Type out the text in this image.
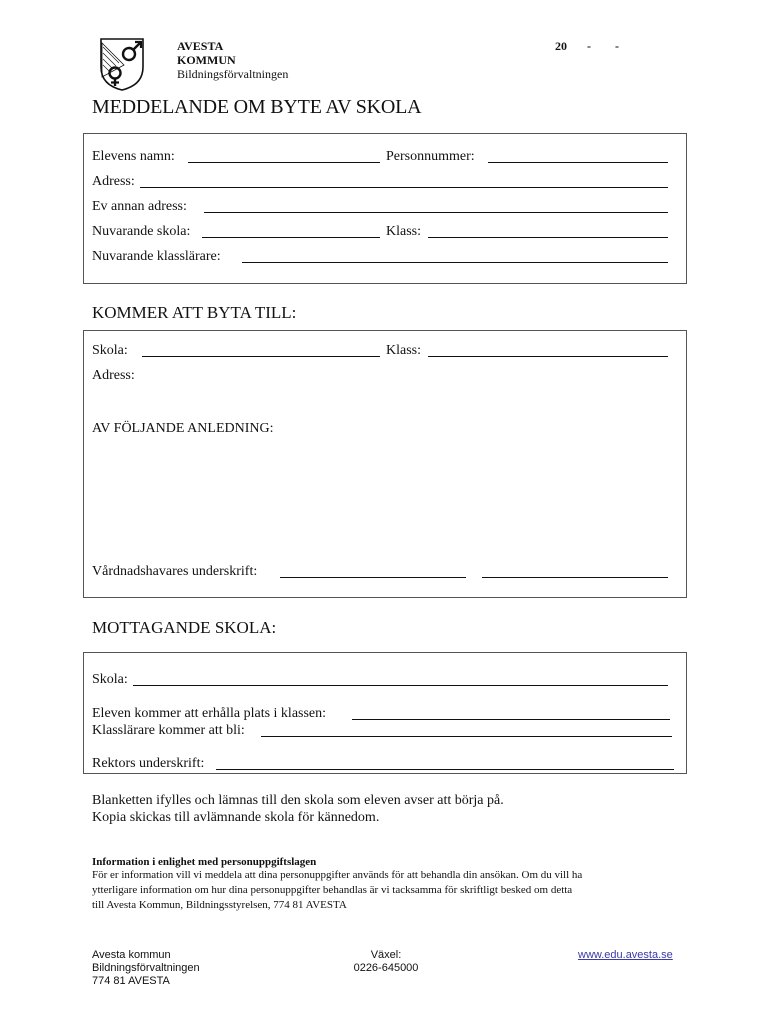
AVESTA
KOMMUN
Bildningsförvaltningen
20 - -
MEDDELANDE OM BYTE AV SKOLA
Elevens namn:	Personnummer:
Adress:
Ev annan adress:
Nuvarande skola:	Klass:
Nuvarande klasslärare:
KOMMER ATT BYTA TILL:
Skola:	Klass:
Adress:
AV FÖLJANDE ANLEDNING:
Vårdnadshavares underskrift:
MOTTAGANDE SKOLA:
Skola:
Eleven kommer att erhålla plats i klassen:
Klasslärare kommer att bli:
Rektors underskrift:
Blanketten ifylles och lämnas till den skola som eleven avser att börja på.
Kopia skickas till avlämnande skola för kännedom.
Information i enlighet med personuppgiftslagen
För er information vill vi meddela att dina personuppgifter används för att behandla din ansökan. Om du vill ha
ytterligare information om hur dina personuppgifter behandlas är vi tacksamma för skriftligt besked om detta
till Avesta Kommun, Bildningsstyrelsen, 774 81 AVESTA
Avesta kommun
Bildningsförvaltningen
774 81 AVESTA
Växel:
0226-645000
www.edu.avesta.se
